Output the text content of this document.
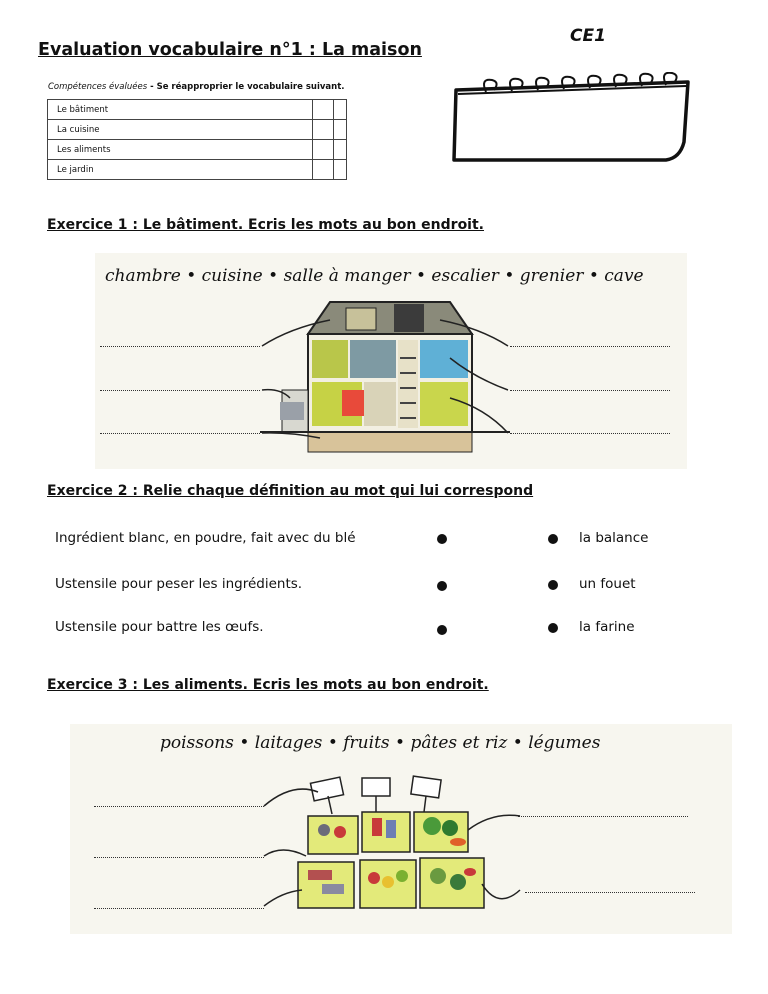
Evaluation vocabulaire n°1 : La maison
CE1
Compétences évaluées - Se réapproprier le vocabulaire suivant.
Le bâtiment		
La cuisine		
Les aliments		
Le jardin		
Exercice 1 : Le bâtiment. Ecris les mots au bon endroit.
chambre • cuisine • salle à manger • escalier • grenier • cave
Exercice 2 : Relie chaque définition au mot qui lui correspond
Ingrédient blanc, en poudre, fait avec du blé	la balance
Ustensile pour peser les ingrédients.	un fouet
Ustensile pour battre les œufs.	la farine
Exercice 3 : Les aliments. Ecris les mots au bon endroit.
poissons • laitages • fruits • pâtes et riz • légumes
